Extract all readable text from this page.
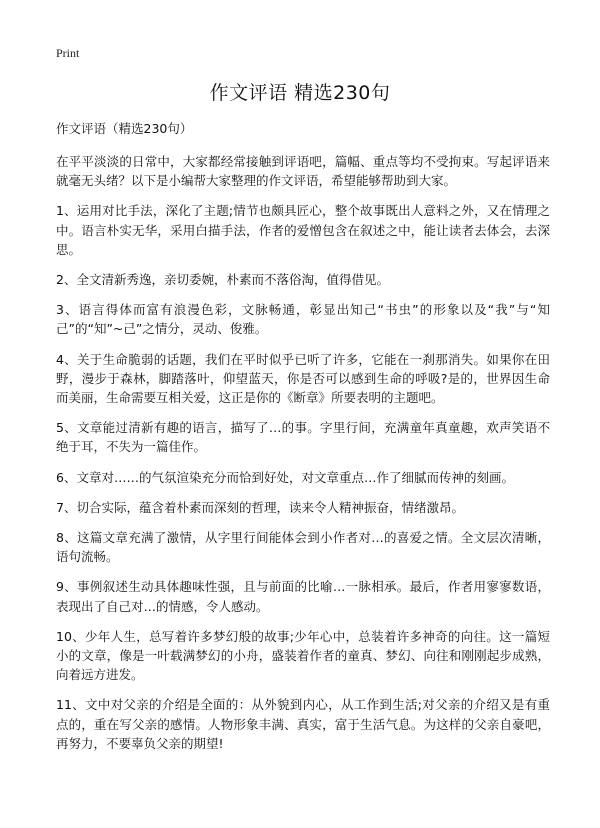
Print
作文评语 精选230句

作文评语（精选230句）

在平平淡淡的日常中，大家都经常接触到评语吧，篇幅、重点等均不受拘束。写起评语来就毫无头绪？以下是小编帮大家整理的作文评语，希望能够帮助到大家。

1、运用对比手法，深化了主题;情节也颇具匠心，整个故事既出人意料之外，又在情理之中。语言朴实无华，采用白描手法，作者的爱憎包含在叙述之中，能让读者去体会，去深思。

2、全文清新秀逸，亲切委婉，朴素而不落俗淘，值得借见。

3、语言得体而富有浪漫色彩，文脉畅通，彰显出知己“书虫”的形象以及“我”与“知己”的“知”~己”之情分，灵动、俊雅。

4、关于生命脆弱的话题，我们在平时似乎已听了许多，它能在一刹那消失。如果你在田野，漫步于森林，脚踏落叶，仰望蓝天，你是否可以感到生命的呼吸?是的，世界因生命而美丽，生命需要互相关爱，这正是你的《断章》所要表明的主题吧。

5、文章能过清新有趣的语言，描写了…的事。字里行间，充满童年真童趣，欢声笑语不绝于耳，不失为一篇佳作。

6、文章对……的气氛渲染充分而恰到好处，对文章重点…作了细腻而传神的刻画。

7、切合实际，蕴含着朴素而深刻的哲理，读来令人精神振奋，情绪激昂。

8、这篇文章充满了激情，从字里行间能体会到小作者对…的喜爱之情。全文层次清晰，语句流畅。

9、事例叙述生动具体趣味性强，且与前面的比喻…一脉相承。最后，作者用寥寥数语，表现出了自己对…的情感，令人感动。

10、少年人生，总写着许多梦幻般的故事;少年心中，总装着许多神奇的向往。这一篇短小的文章，像是一叶载满梦幻的小舟，盛装着作者的童真、梦幻、向往和刚刚起步成熟，向着远方进发。

11、文中对父亲的介绍是全面的：从外貌到内心，从工作到生活;对父亲的介绍又是有重点的，重在写父亲的感情。人物形象丰满、真实，富于生活气息。为这样的父亲自豪吧，再努力，不要辜负父亲的期望!
